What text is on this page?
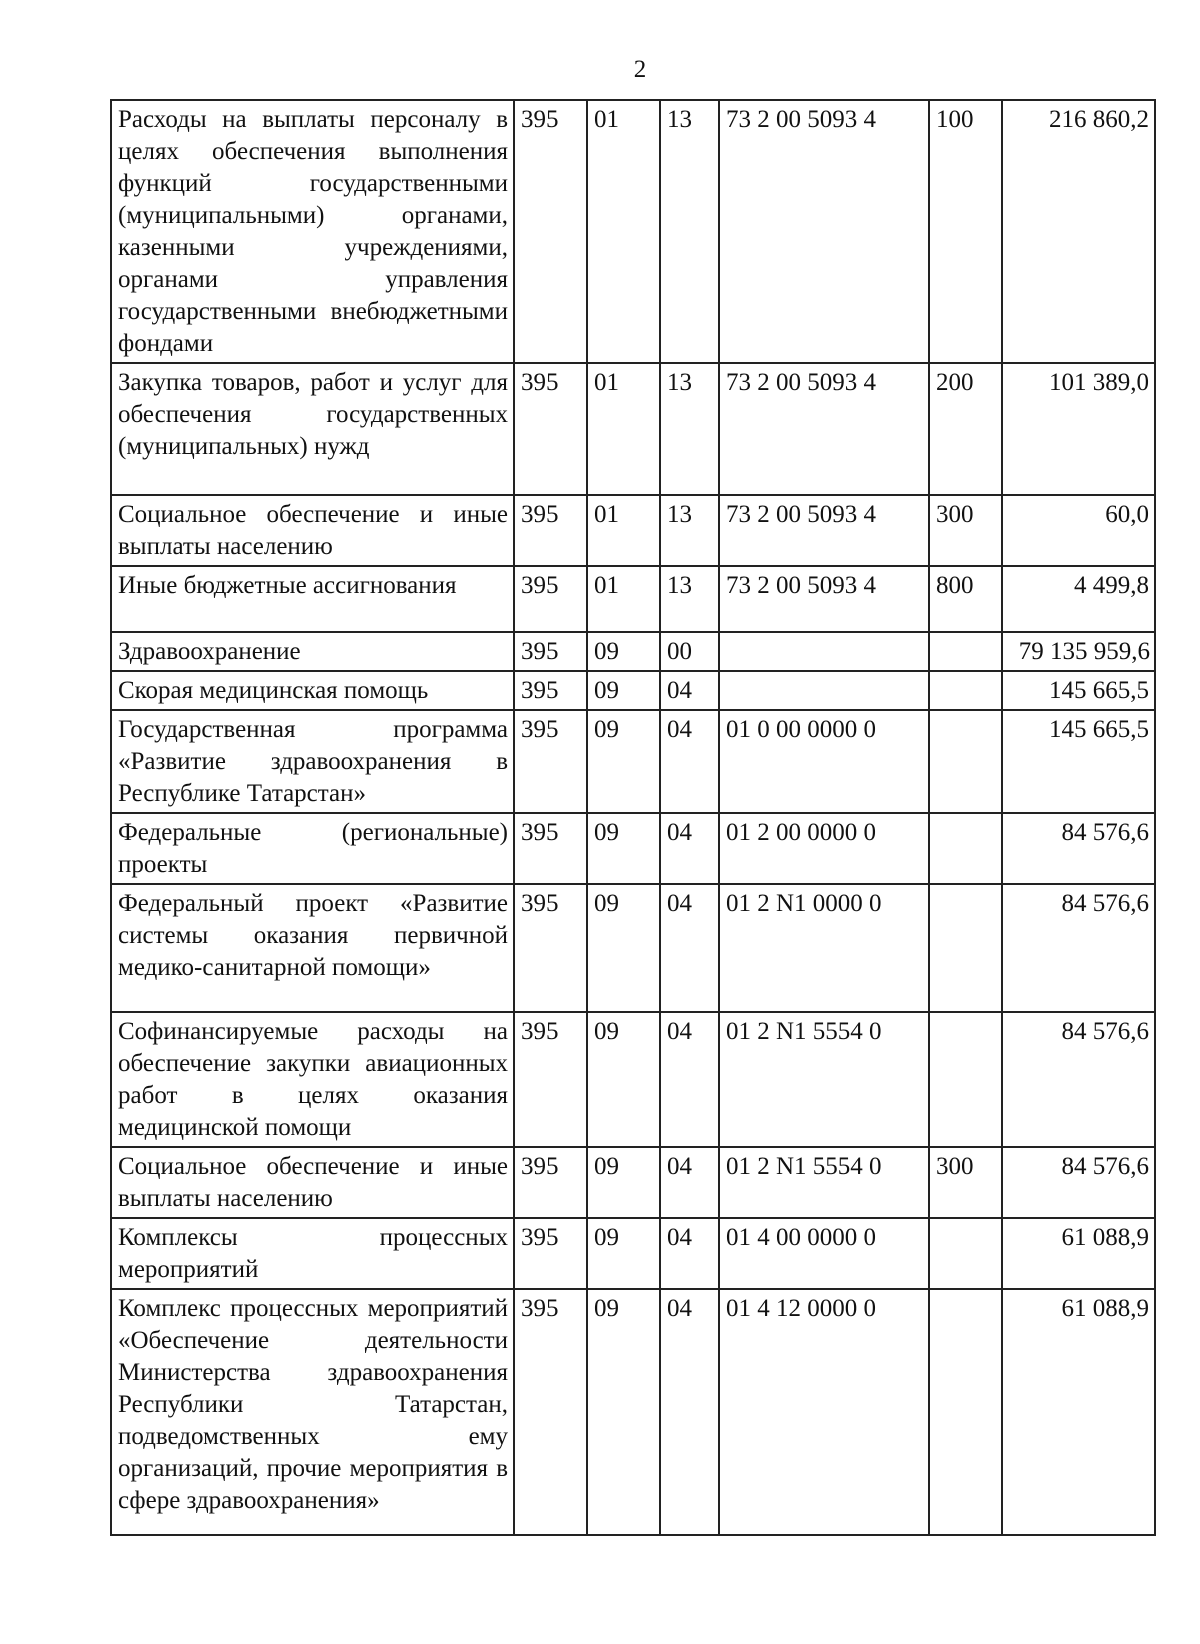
2
Расходы на выплаты персоналу в целях обеспечения выполнения функций государственными (муниципальными) органами, казенными учреждениями, органами управления государственными внебюджетными фондами	395	01	13	73 2 00 5093 4	100	216 860,2
Закупка товаров, работ и услуг для обеспечения государственных (муниципальных) нужд	395	01	13	73 2 00 5093 4	200	101 389,0
Социальное обеспечение и иные выплаты населению	395	01	13	73 2 00 5093 4	300	60,0
Иные бюджетные ассигнования	395	01	13	73 2 00 5093 4	800	4 499,8
Здравоохранение	395	09	00			79 135 959,6
Скорая медицинская помощь	395	09	04			145 665,5
Государственная программа «Развитие здравоохранения в Республике Татарстан»	395	09	04	01 0 00 0000 0		145 665,5
Федеральные (региональные) проекты	395	09	04	01 2 00 0000 0		84 576,6
Федеральный проект «Развитие системы оказания первичной медико-санитарной помощи»	395	09	04	01 2 N1 0000 0		84 576,6
Софинансируемые расходы на обеспечение закупки авиационных работ в целях оказания медицинской помощи	395	09	04	01 2 N1 5554 0		84 576,6
Социальное обеспечение и иные выплаты населению	395	09	04	01 2 N1 5554 0	300	84 576,6
Комплексы процессных мероприятий	395	09	04	01 4 00 0000 0		61 088,9
Комплекс процессных мероприятий «Обеспечение деятельности Министерства здравоохранения Республики Татарстан, подведомственных ему организаций, прочие мероприятия в сфере здравоохранения»	395	09	04	01 4 12 0000 0		61 088,9
